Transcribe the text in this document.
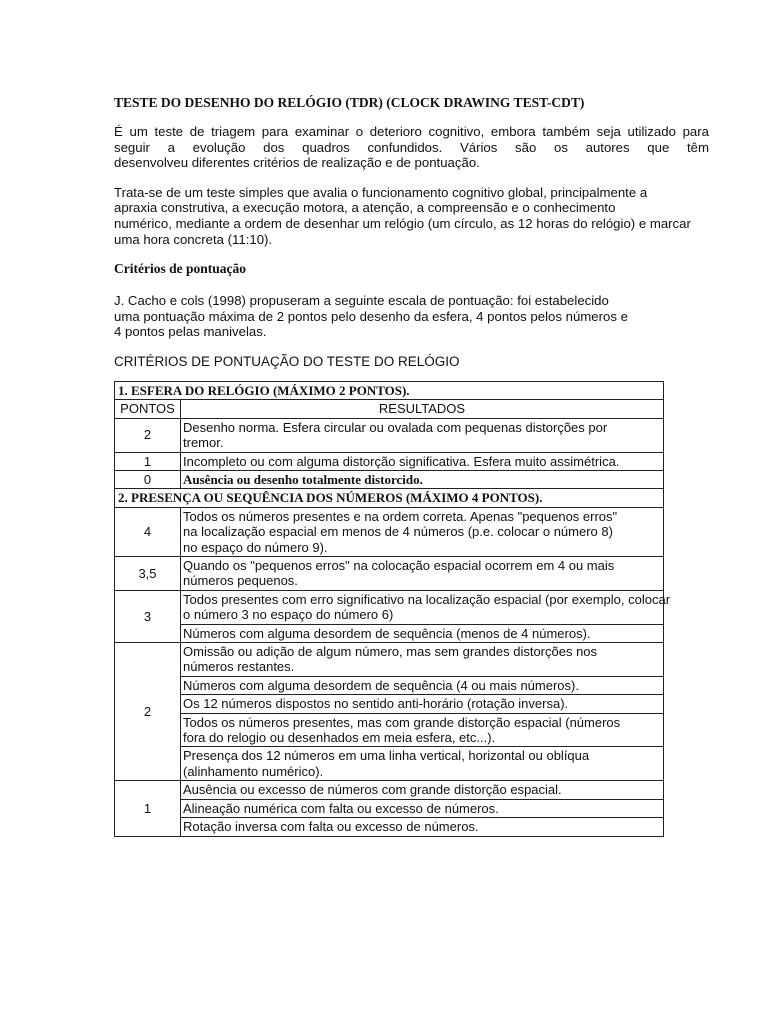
TESTE DO DESENHO DO RELÓGIO (TDR) (CLOCK DRAWING TEST-CDT)
É um teste de triagem para examinar o deterioro cognitivo, embora também seja utilizado para
seguir a evolução dos quadros confundidos. Vários são os autores que têm
desenvolveu diferentes critérios de realização e de pontuação.
Trata-se de um teste simples que avalia o funcionamento cognitivo global, principalmente a
apraxia construtiva, a execução motora, a atenção, a compreensão e o conhecimento
numérico, mediante a ordem de desenhar um relógio (um círculo, as 12 horas do relógio) e marcar
uma hora concreta (11:10).
Critérios de pontuação
J. Cacho e cols (1998) propuseram a seguinte escala de pontuação: foi estabelecido
uma pontuação máxima de 2 pontos pelo desenho da esfera, 4 pontos pelos números e
4 pontos pelas manivelas.
CRITÉRIOS DE PONTUAÇÃO DO TESTE DO RELÓGIO
1. ESFERA DO RELÓGIO (MÁXIMO 2 PONTOS).	
PONTOS	RESULTADOS
2	Desenho norma. Esfera circular ou ovalada com pequenas distorções por
tremor.

1	Incompleto ou com alguma distorção significativa. Esfera muito assimétrica.

0	Ausência ou desenho totalmente distorcido.

2. PRESENÇA OU SEQUÊNCIA DOS NÚMEROS (MÁXIMO 4 PONTOS).	
4	Todos os números presentes e na ordem correta. Apenas "pequenos erros"
na localização espacial em menos de 4 números (p.e. colocar o número 8)
no espaço do número 9).

3,5	Quando os "pequenos erros" na colocação espacial ocorrem em 4 ou mais
números pequenos.

3	Todos presentes com erro significativo na localização espacial (por exemplo, colocar
o número 3 no espaço do número 6)

	Números com alguma desordem de sequência (menos de 4 números).

2	Omissão ou adição de algum número, mas sem grandes distorções nos
números restantes.

	Números com alguma desordem de sequência (4 ou mais números).

	Os 12 números dispostos no sentido anti-horário (rotação inversa).

	Todos os números presentes, mas com grande distorção espacial (números
fora do relogio ou desenhados em meia esfera, etc...).

	Presença dos 12 números em uma linha vertical, horizontal ou oblíqua
(alinhamento numérico).

1	Ausência ou excesso de números com grande distorção espacial.

	Alineação numérica com falta ou excesso de números.

	Rotação inversa com falta ou excesso de números.
